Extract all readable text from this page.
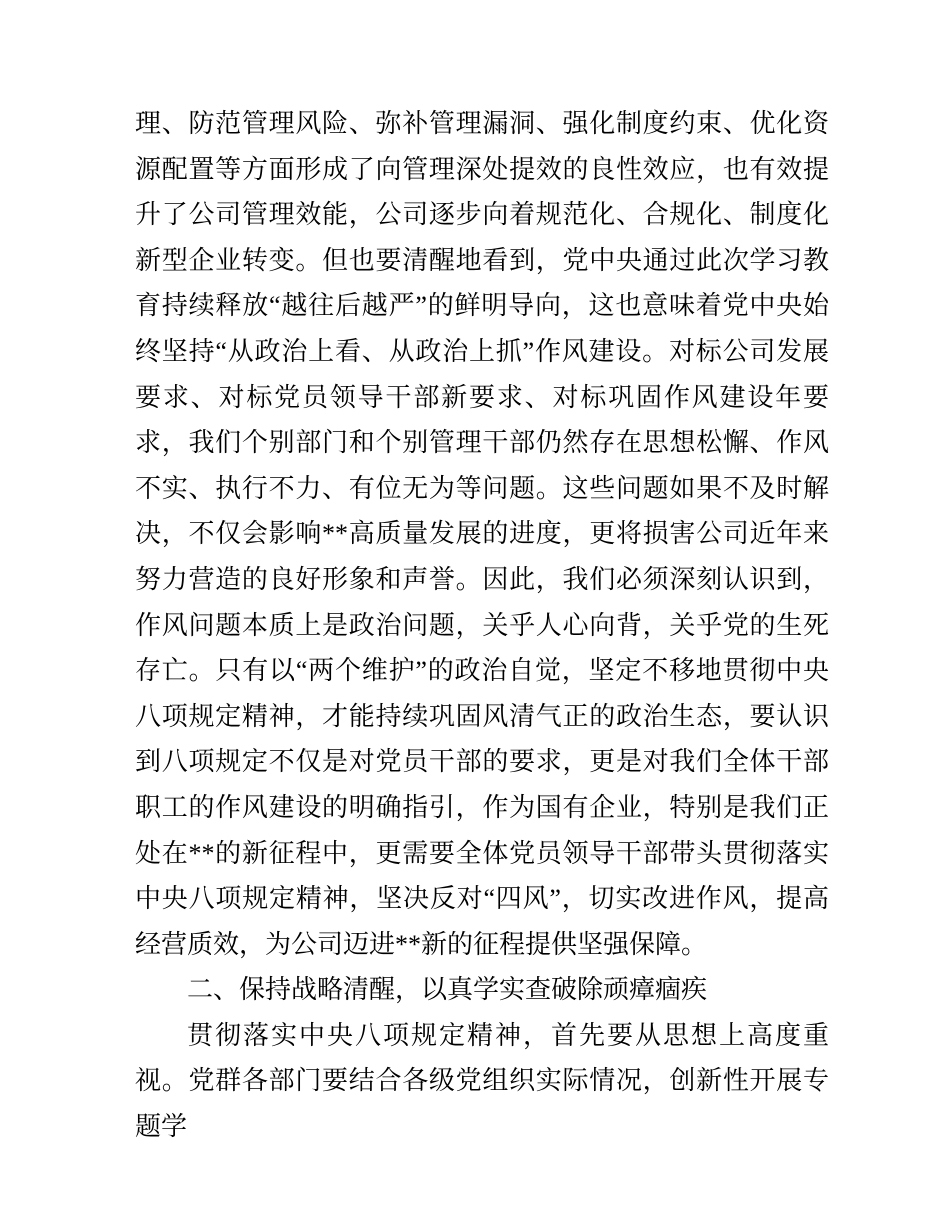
理、防范管理风险、弥补管理漏洞、强化制度约束、优化资源配置等方面形成了向管理深处提效的良性效应，也有效提升了公司管理效能，公司逐步向着规范化、合规化、制度化新型企业转变。但也要清醒地看到，党中央通过此次学习教育持续释放“越往后越严”的鲜明导向，这也意味着党中央始终坚持“从政治上看、从政治上抓”作风建设。对标公司发展要求、对标党员领导干部新要求、对标巩固作风建设年要求，我们个别部门和个别管理干部仍然存在思想松懈、作风不实、执行不力、有位无为等问题。这些问题如果不及时解决，不仅会影响**高质量发展的进度，更将损害公司近年来努力营造的良好形象和声誉。因此，我们必须深刻认识到，作风问题本质上是政治问题，关乎人心向背，关乎党的生死存亡。只有以“两个维护”的政治自觉，坚定不移地贯彻中央八项规定精神，才能持续巩固风清气正的政治生态，要认识到八项规定不仅是对党员干部的要求，更是对我们全体干部职工的作风建设的明确指引，作为国有企业，特别是我们正处在**的新征程中，更需要全体党员领导干部带头贯彻落实中央八项规定精神，坚决反对“四风”，切实改进作风，提高经营质效，为公司迈进**新的征程提供坚强保障。

二、保持战略清醒，以真学实查破除顽瘴痼疾

贯彻落实中央八项规定精神，首先要从思想上高度重视。党群各部门要结合各级党组织实际情况，创新性开展专题学
